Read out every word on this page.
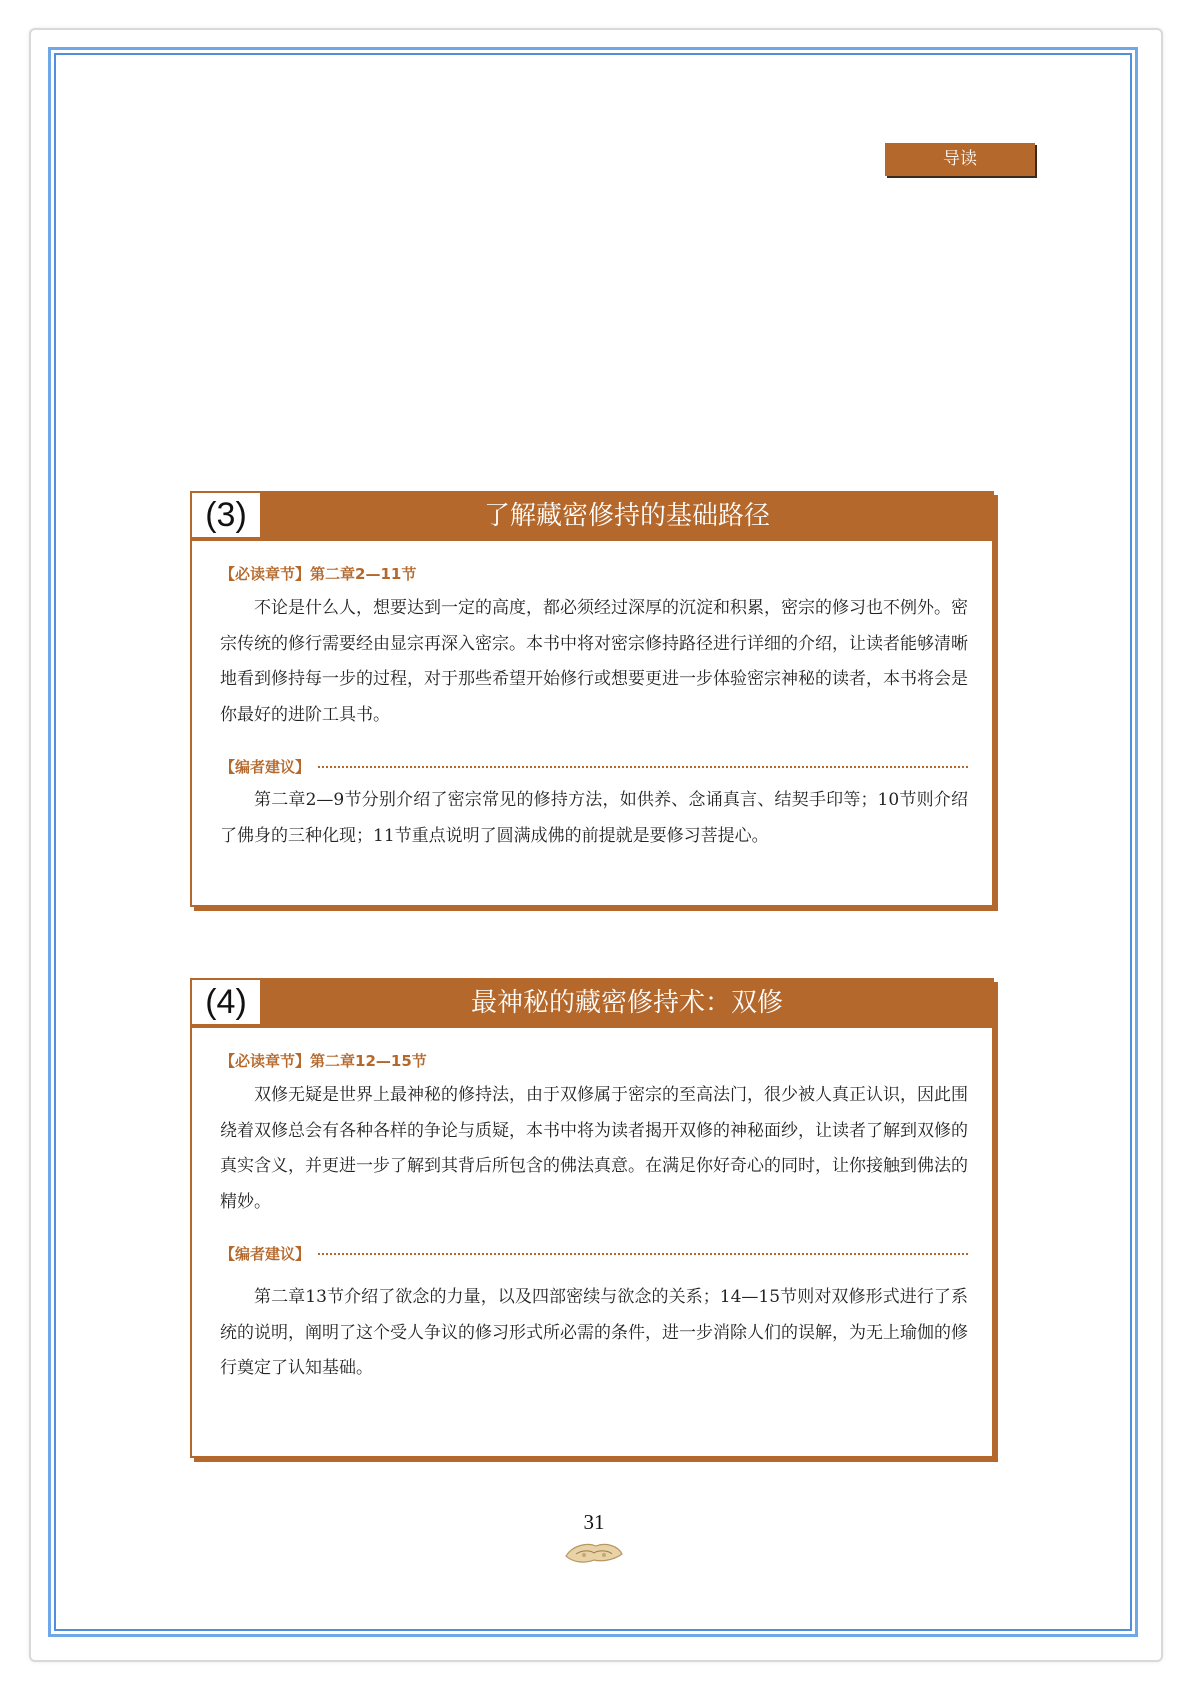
导读
(3)	了解藏密修持的基础路径
【必读章节】第二章2—11节
不论是什么人，想要达到一定的高度，都必须经过深厚的沉淀和积累，密宗的修习也不例外。密宗传统的修行需要经由显宗再深入密宗。本书中将对密宗修持路径进行详细的介绍，让读者能够清晰地看到修持每一步的过程，对于那些希望开始修行或想要更进一步体验密宗神秘的读者，本书将会是你最好的进阶工具书。
【编者建议】
第二章2—9节分别介绍了密宗常见的修持方法，如供养、念诵真言、结契手印等；10节则介绍了佛身的三种化现；11节重点说明了圆满成佛的前提就是要修习菩提心。
(4)	最神秘的藏密修持术：双修
【必读章节】第二章12—15节
双修无疑是世界上最神秘的修持法，由于双修属于密宗的至高法门，很少被人真正认识，因此围绕着双修总会有各种各样的争论与质疑，本书中将为读者揭开双修的神秘面纱，让读者了解到双修的真实含义，并更进一步了解到其背后所包含的佛法真意。在满足你好奇心的同时，让你接触到佛法的精妙。
【编者建议】
第二章13节介绍了欲念的力量，以及四部密续与欲念的关系；14—15节则对双修形式进行了系统的说明，阐明了这个受人争议的修习形式所必需的条件，进一步消除人们的误解，为无上瑜伽的修行奠定了认知基础。
31
